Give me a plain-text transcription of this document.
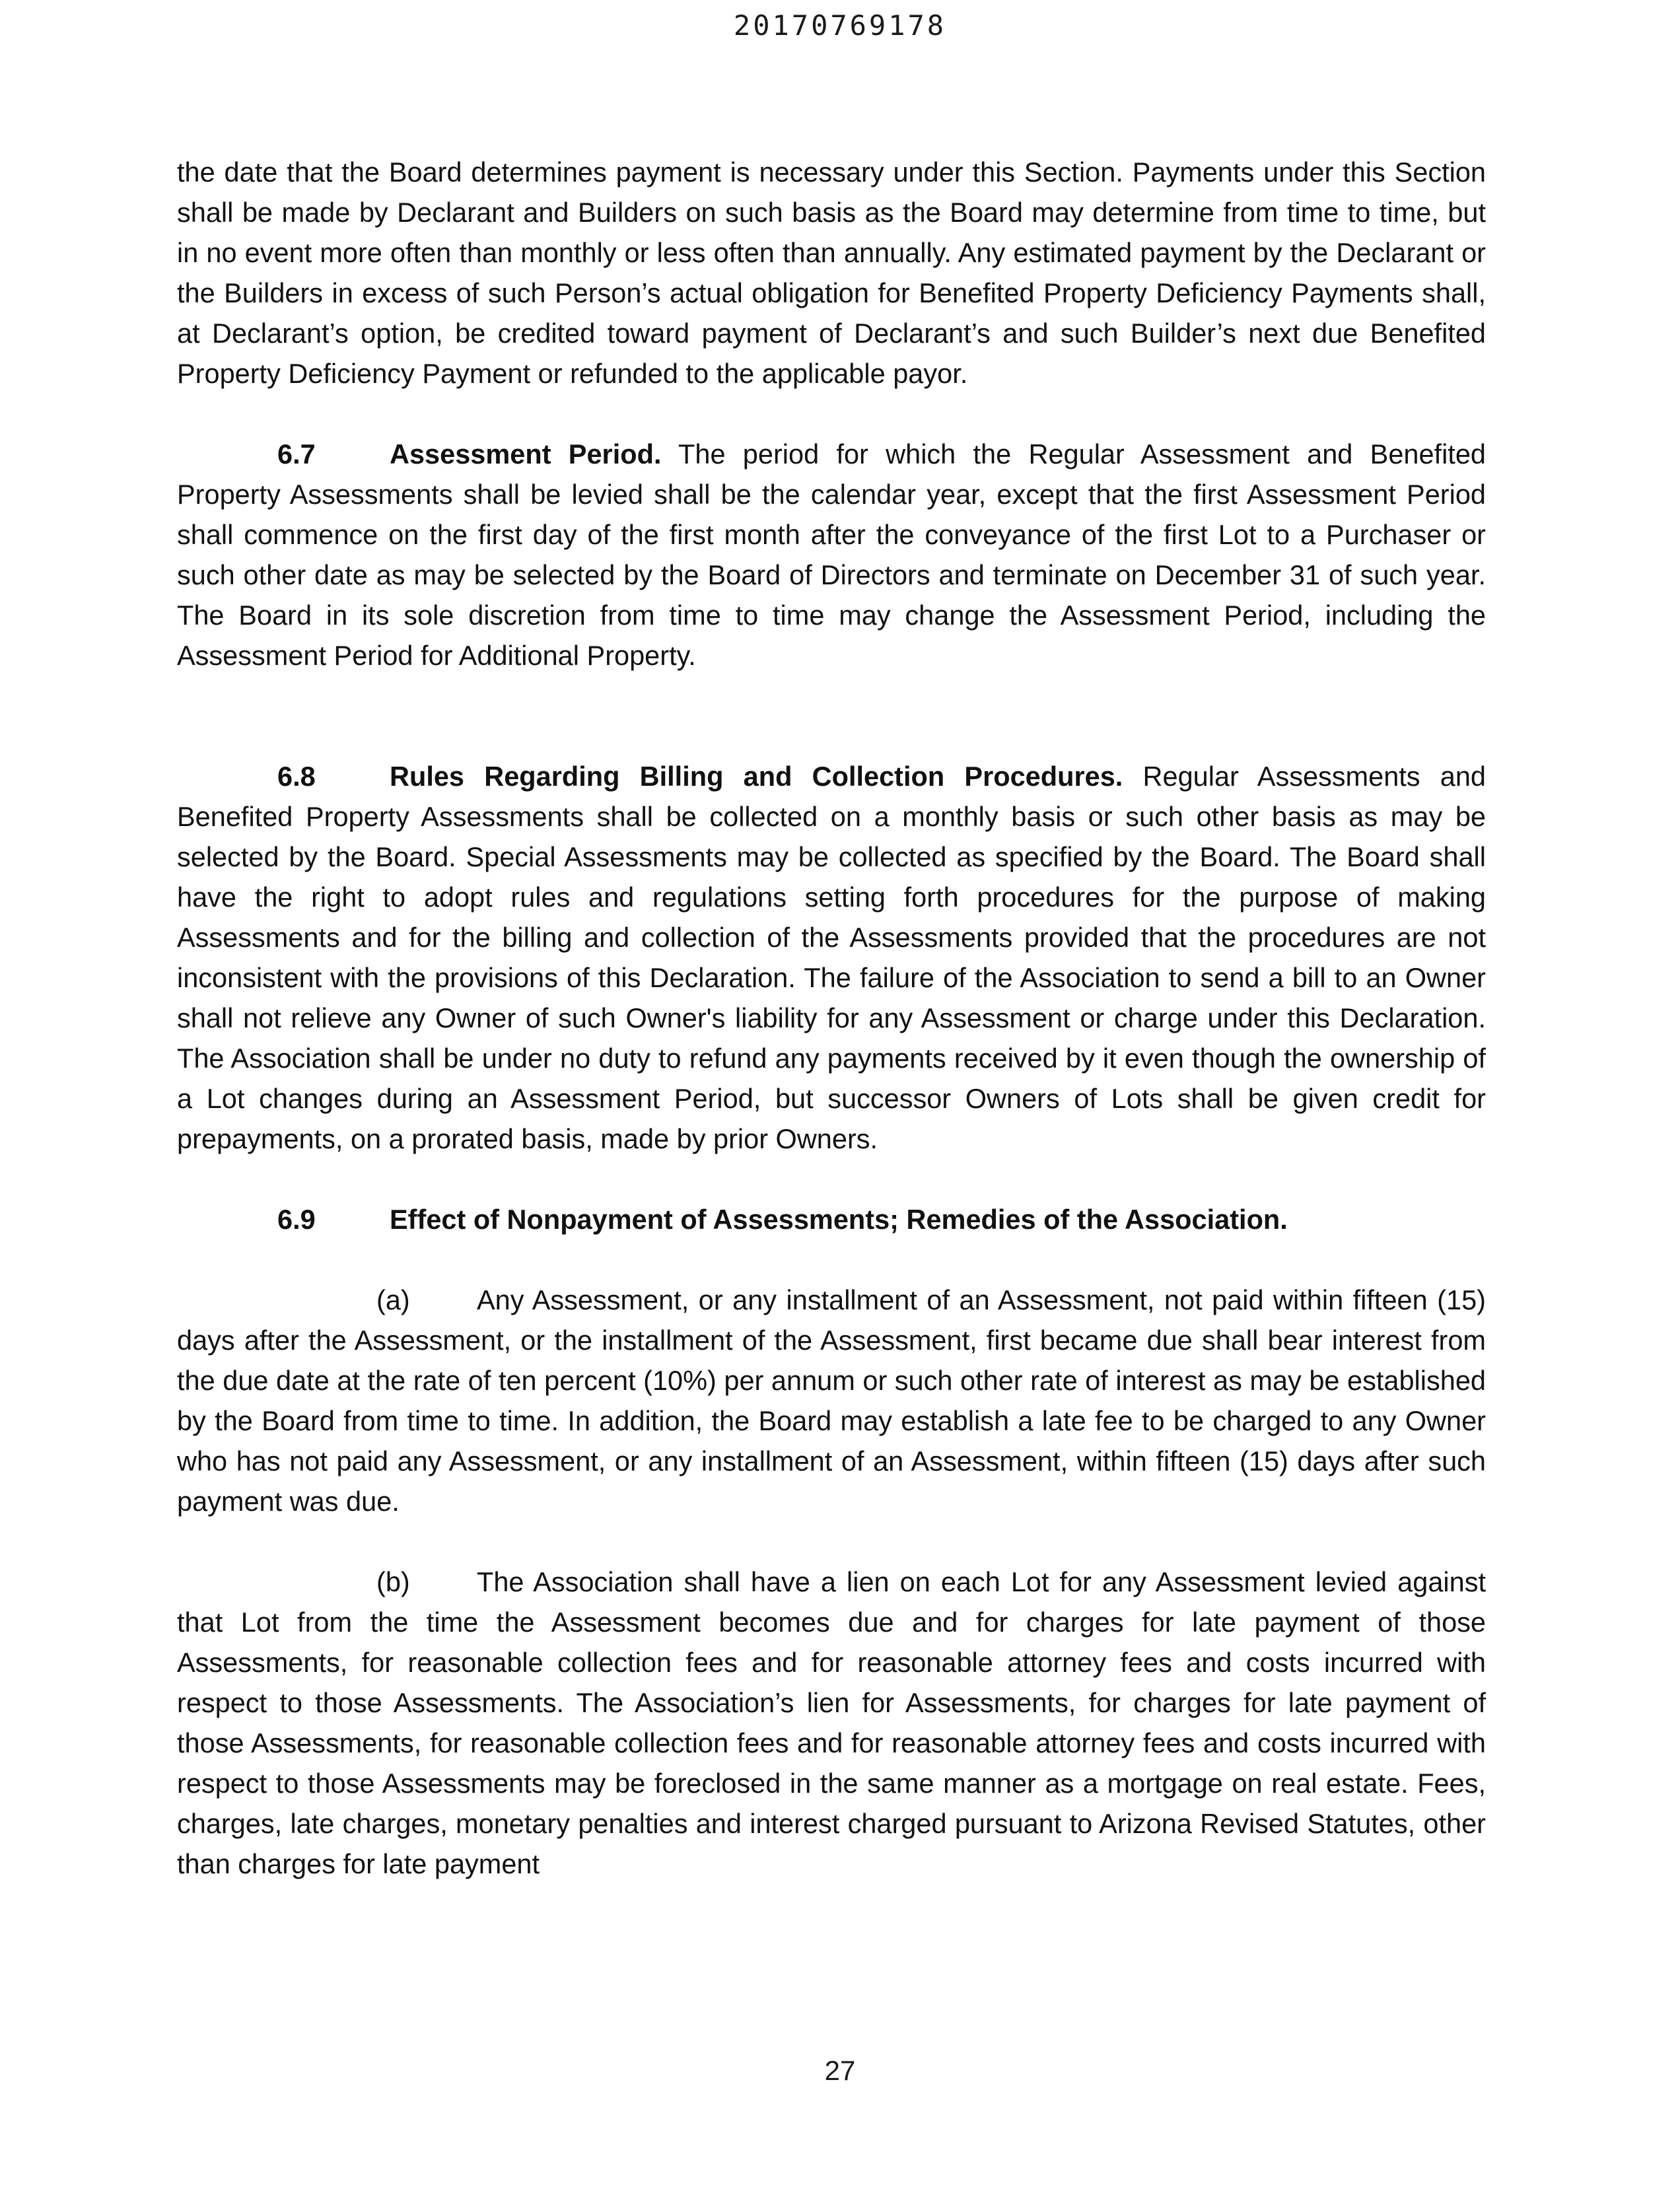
20170769178

the date that the Board determines payment is necessary under this Section. Payments under this Section shall be made by Declarant and Builders on such basis as the Board may determine from time to time, but in no event more often than monthly or less often than annually. Any estimated payment by the Declarant or the Builders in excess of such Person’s actual obligation for Benefited Property Deficiency Payments shall, at Declarant’s option, be credited toward payment of Declarant’s and such Builder’s next due Benefited Property Deficiency Payment or refunded to the applicable payor.

6.7	Assessment Period. The period for which the Regular Assessment and Benefited Property Assessments shall be levied shall be the calendar year, except that the first Assessment Period shall commence on the first day of the first month after the conveyance of the first Lot to a Purchaser or such other date as may be selected by the Board of Directors and terminate on December 31 of such year. The Board in its sole discretion from time to time may change the Assessment Period, including the Assessment Period for Additional Property.

6.8	Rules Regarding Billing and Collection Procedures. Regular Assessments and Benefited Property Assessments shall be collected on a monthly basis or such other basis as may be selected by the Board. Special Assessments may be collected as specified by the Board. The Board shall have the right to adopt rules and regulations setting forth procedures for the purpose of making Assessments and for the billing and collection of the Assessments provided that the procedures are not inconsistent with the provisions of this Declaration. The failure of the Association to send a bill to an Owner shall not relieve any Owner of such Owner's liability for any Assessment or charge under this Declaration. The Association shall be under no duty to refund any payments received by it even though the ownership of a Lot changes during an Assessment Period, but successor Owners of Lots shall be given credit for prepayments, on a prorated basis, made by prior Owners.

6.9	Effect of Nonpayment of Assessments; Remedies of the Association.

(a) Any Assessment, or any installment of an Assessment, not paid within fifteen (15) days after the Assessment, or the installment of the Assessment, first became due shall bear interest from the due date at the rate of ten percent (10%) per annum or such other rate of interest as may be established by the Board from time to time. In addition, the Board may establish a late fee to be charged to any Owner who has not paid any Assessment, or any installment of an Assessment, within fifteen (15) days after such payment was due.

(b) The Association shall have a lien on each Lot for any Assessment levied against that Lot from the time the Assessment becomes due and for charges for late payment of those Assessments, for reasonable collection fees and for reasonable attorney fees and costs incurred with respect to those Assessments. The Association’s lien for Assessments, for charges for late payment of those Assessments, for reasonable collection fees and for reasonable attorney fees and costs incurred with respect to those Assessments may be foreclosed in the same manner as a mortgage on real estate. Fees, charges, late charges, monetary penalties and interest charged pursuant to Arizona Revised Statutes, other than charges for late payment

27
